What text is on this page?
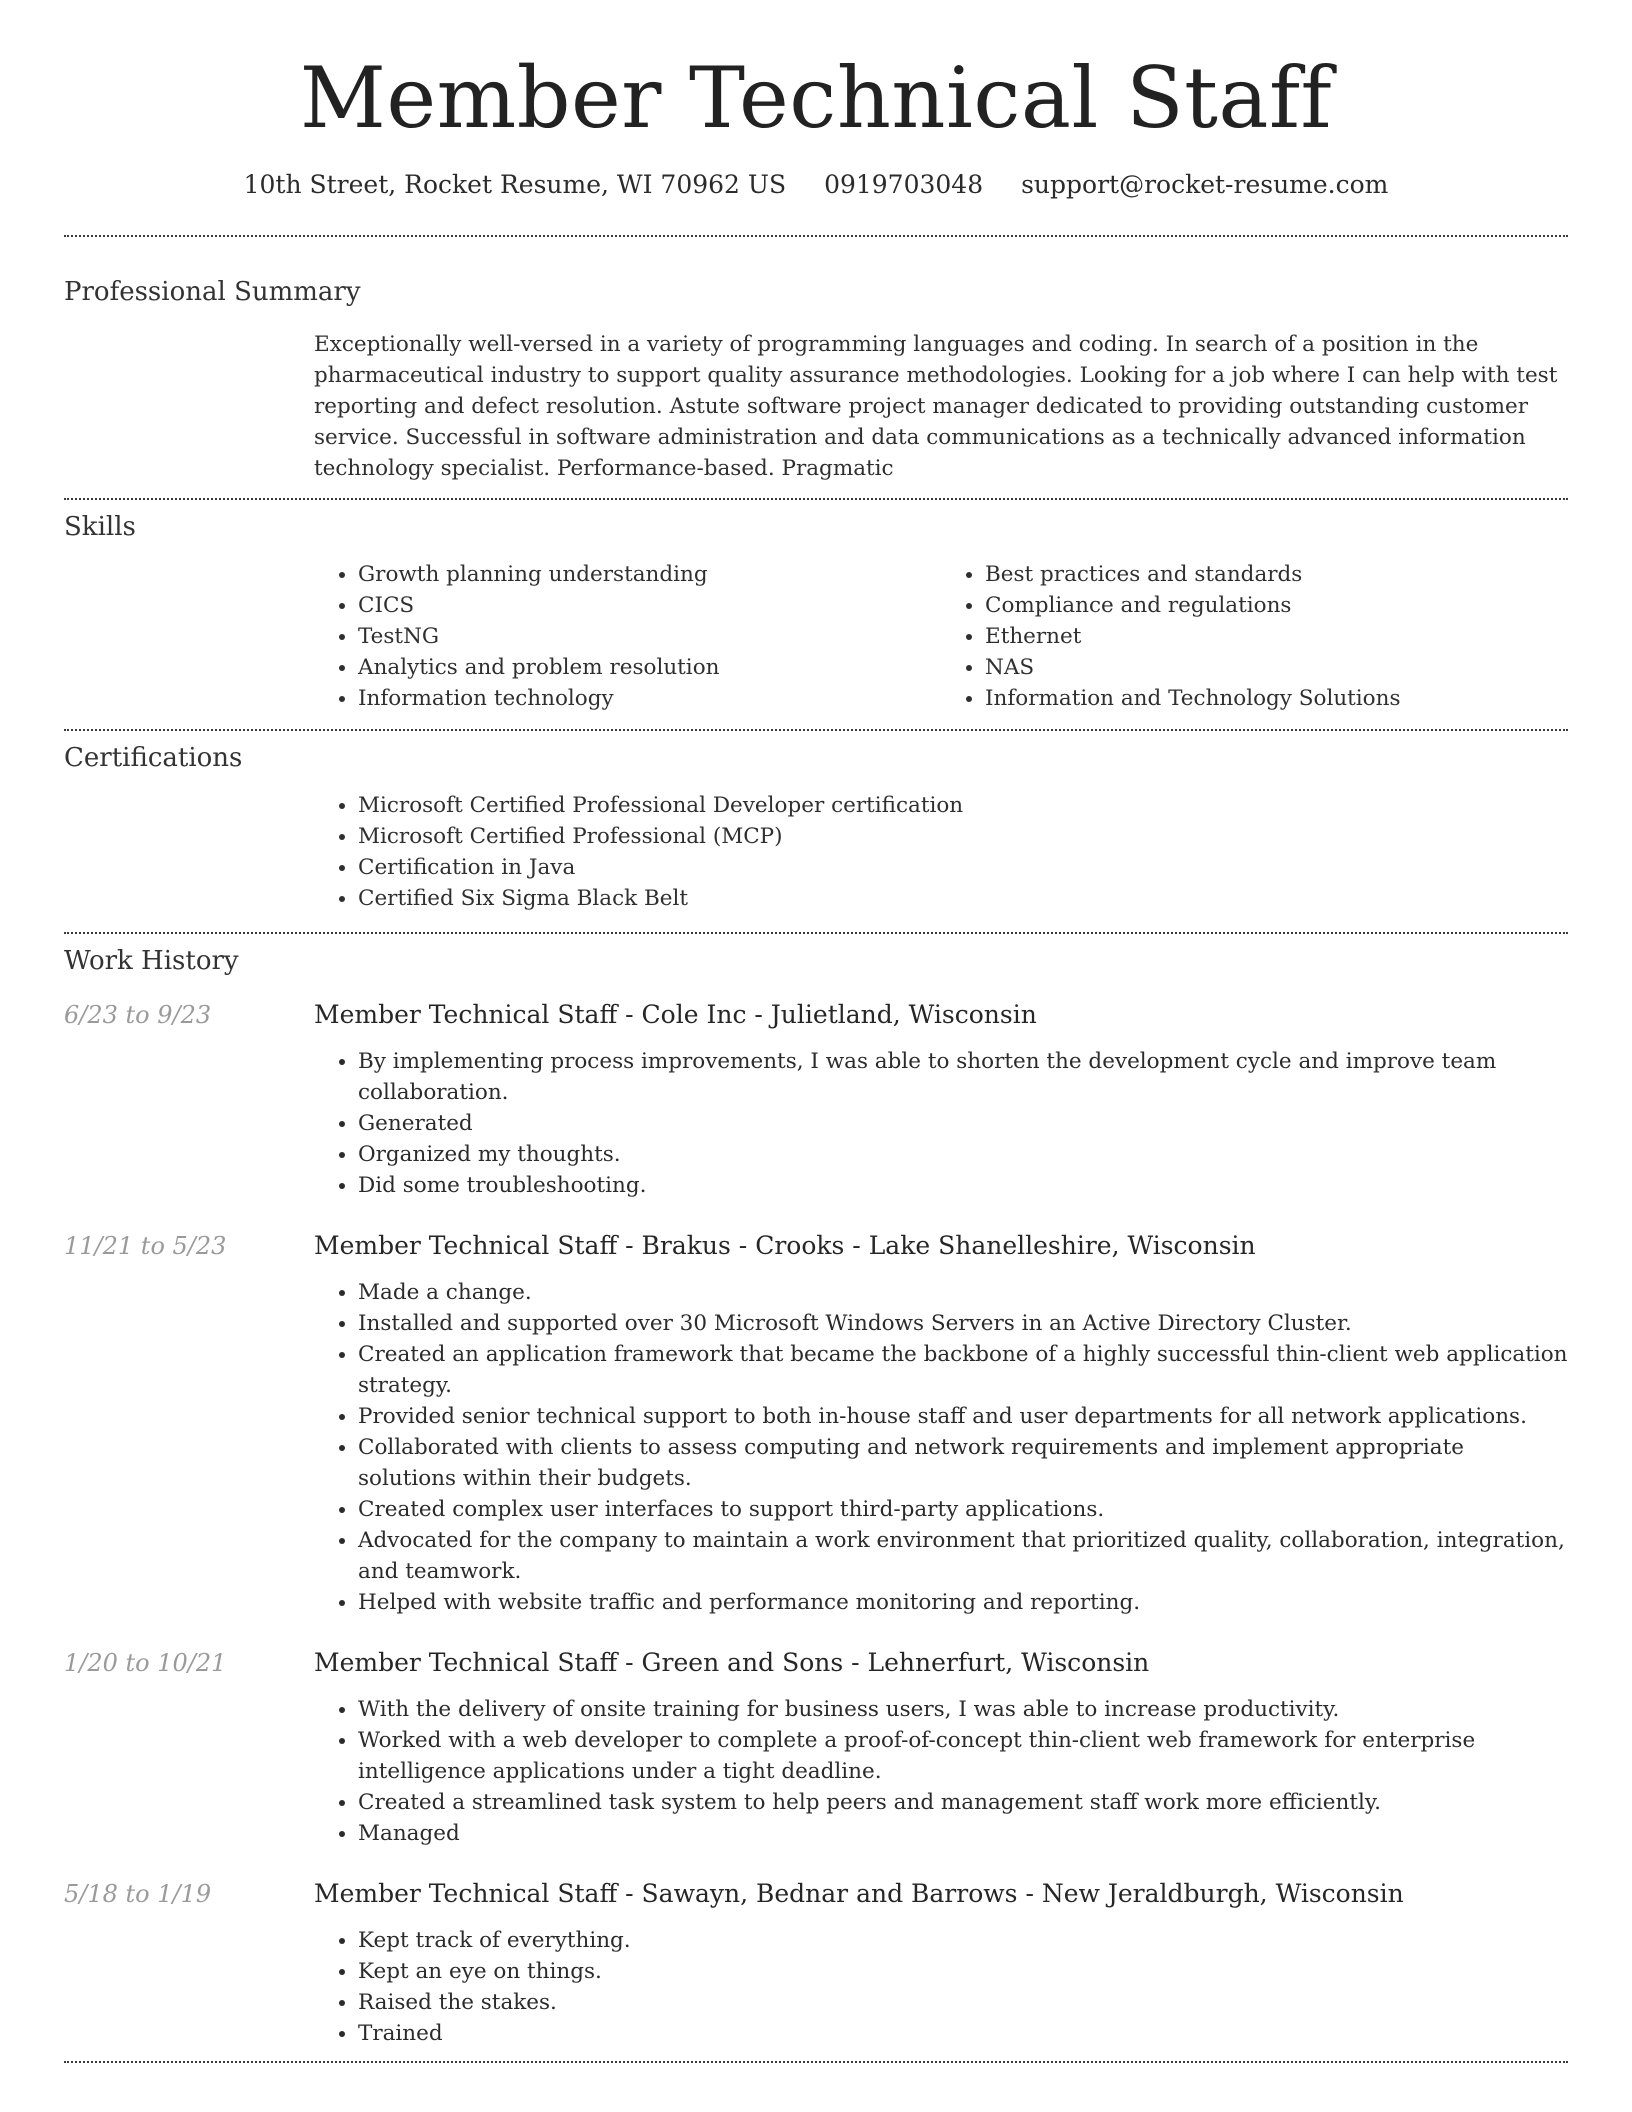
Member Technical Staff
10th Street, Rocket Resume, WI 70962 US 0919703048 support@rocket-resume.com
Professional Summary

Exceptionally well-versed in a variety of programming languages and coding. In search of a position in the pharmaceutical industry to support quality assurance methodologies. Looking for a job where I can help with test reporting and defect resolution. Astute software project manager dedicated to providing outstanding customer service. Successful in software administration and data communications as a technically advanced information technology specialist. Performance-based. Pragmatic

Skills
• Growth planning understanding
• CICS
• TestNG
• Analytics and problem resolution
• Information technology
• Best practices and standards
• Compliance and regulations
• Ethernet
• NAS
• Information and Technology Solutions
Certifications
• Microsoft Certified Professional Developer certification
• Microsoft Certified Professional (MCP)
• Certification in Java
• Certified Six Sigma Black Belt
Work History
6/23 to 9/23	Member Technical Staff - Cole Inc - Julietland, Wisconsin
• By implementing process improvements, I was able to shorten the development cycle and improve team collaboration.
• Generated
• Organized my thoughts.
• Did some troubleshooting.
11/21 to 5/23	Member Technical Staff - Brakus - Crooks - Lake Shanelleshire, Wisconsin
• Made a change.
• Installed and supported over 30 Microsoft Windows Servers in an Active Directory Cluster.
• Created an application framework that became the backbone of a highly successful thin-client web application strategy.
• Provided senior technical support to both in-house staff and user departments for all network applications.
• Collaborated with clients to assess computing and network requirements and implement appropriate solutions within their budgets.
• Created complex user interfaces to support third-party applications.
• Advocated for the company to maintain a work environment that prioritized quality, collaboration, integration, and teamwork.
• Helped with website traffic and performance monitoring and reporting.
1/20 to 10/21	Member Technical Staff - Green and Sons - Lehnerfurt, Wisconsin
• With the delivery of onsite training for business users, I was able to increase productivity.
• Worked with a web developer to complete a proof-of-concept thin-client web framework for enterprise intelligence applications under a tight deadline.
• Created a streamlined task system to help peers and management staff work more efficiently.
• Managed
5/18 to 1/19	Member Technical Staff - Sawayn, Bednar and Barrows - New Jeraldburgh, Wisconsin
• Kept track of everything.
• Kept an eye on things.
• Raised the stakes.
• Trained
